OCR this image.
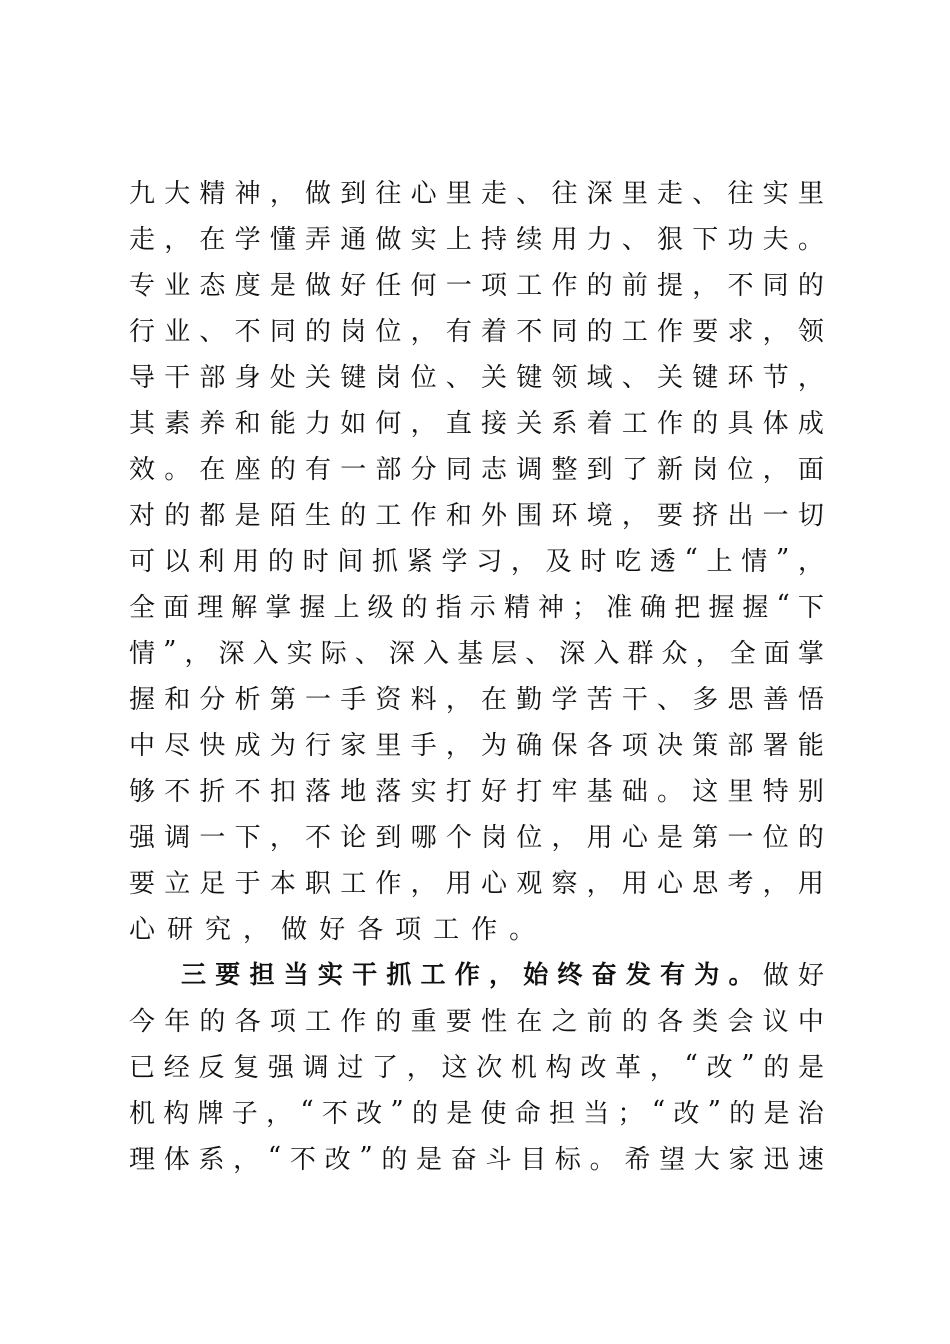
九 大 精 神 ， 做 到 往 心 里 走 、 往 深 里 走 、 往 实 里
走 ， 在 学 懂 弄 通 做 实 上 持 续 用 力 、 狠 下 功 夫 。
专 业 态 度 是 做 好 任 何 一 项 工 作 的 前 提 ， 不 同 的
行 业 、 不 同 的 岗 位 ， 有 着 不 同 的 工 作 要 求 ， 领
导 干 部 身 处 关 键 岗 位 、 关 键 领 域 、 关 键 环 节 ，
其 素 养 和 能 力 如 何 ， 直 接 关 系 着 工 作 的 具 体 成
效 。 在 座 的 有 一 部 分 同 志 调 整 到 了 新 岗 位 ， 面
对 的 都 是 陌 生 的 工 作 和 外 围 环 境 ， 要 挤 出 一 切
可 以 利 用 的 时 间 抓 紧 学 习 ， 及 时 吃 透 “ 上 情 ” ，
全 面 理 解 掌 握 上 级 的 指 示 精 神 ； 准 确 把 握 握 “ 下
情 ” ， 深 入 实 际 、 深 入 基 层 、 深 入 群 众 ， 全 面 掌
握 和 分 析 第 一 手 资 料 ， 在 勤 学 苦 干 、 多 思 善 悟
中 尽 快 成 为 行 家 里 手 ， 为 确 保 各 项 决 策 部 署 能
够 不 折 不 扣 落 地 落 实 打 好 打 牢 基 础 。 这 里 特 别
强 调 一 下 ， 不 论 到 哪 个 岗 位 ， 用 心 是 第 一 位 的
要 立 足 于 本 职 工 作 ， 用 心 观 察 ， 用 心 思 考 ， 用
心 研 究 ， 做 好 各 项 工 作 。
三 要 担 当 实 干 抓 工 作 ， 始 终 奋 发 有 为 。 做 好
今 年 的 各 项 工 作 的 重 要 性 在 之 前 的 各 类 会 议 中
已 经 反 复 强 调 过 了 ， 这 次 机 构 改 革 ， “ 改 ” 的 是
机 构 牌 子 ， “ 不 改 ” 的 是 使 命 担 当 ； “ 改 ” 的 是 治
理 体 系 ， “ 不 改 ” 的 是 奋 斗 目 标 。 希 望 大 家 迅 速
